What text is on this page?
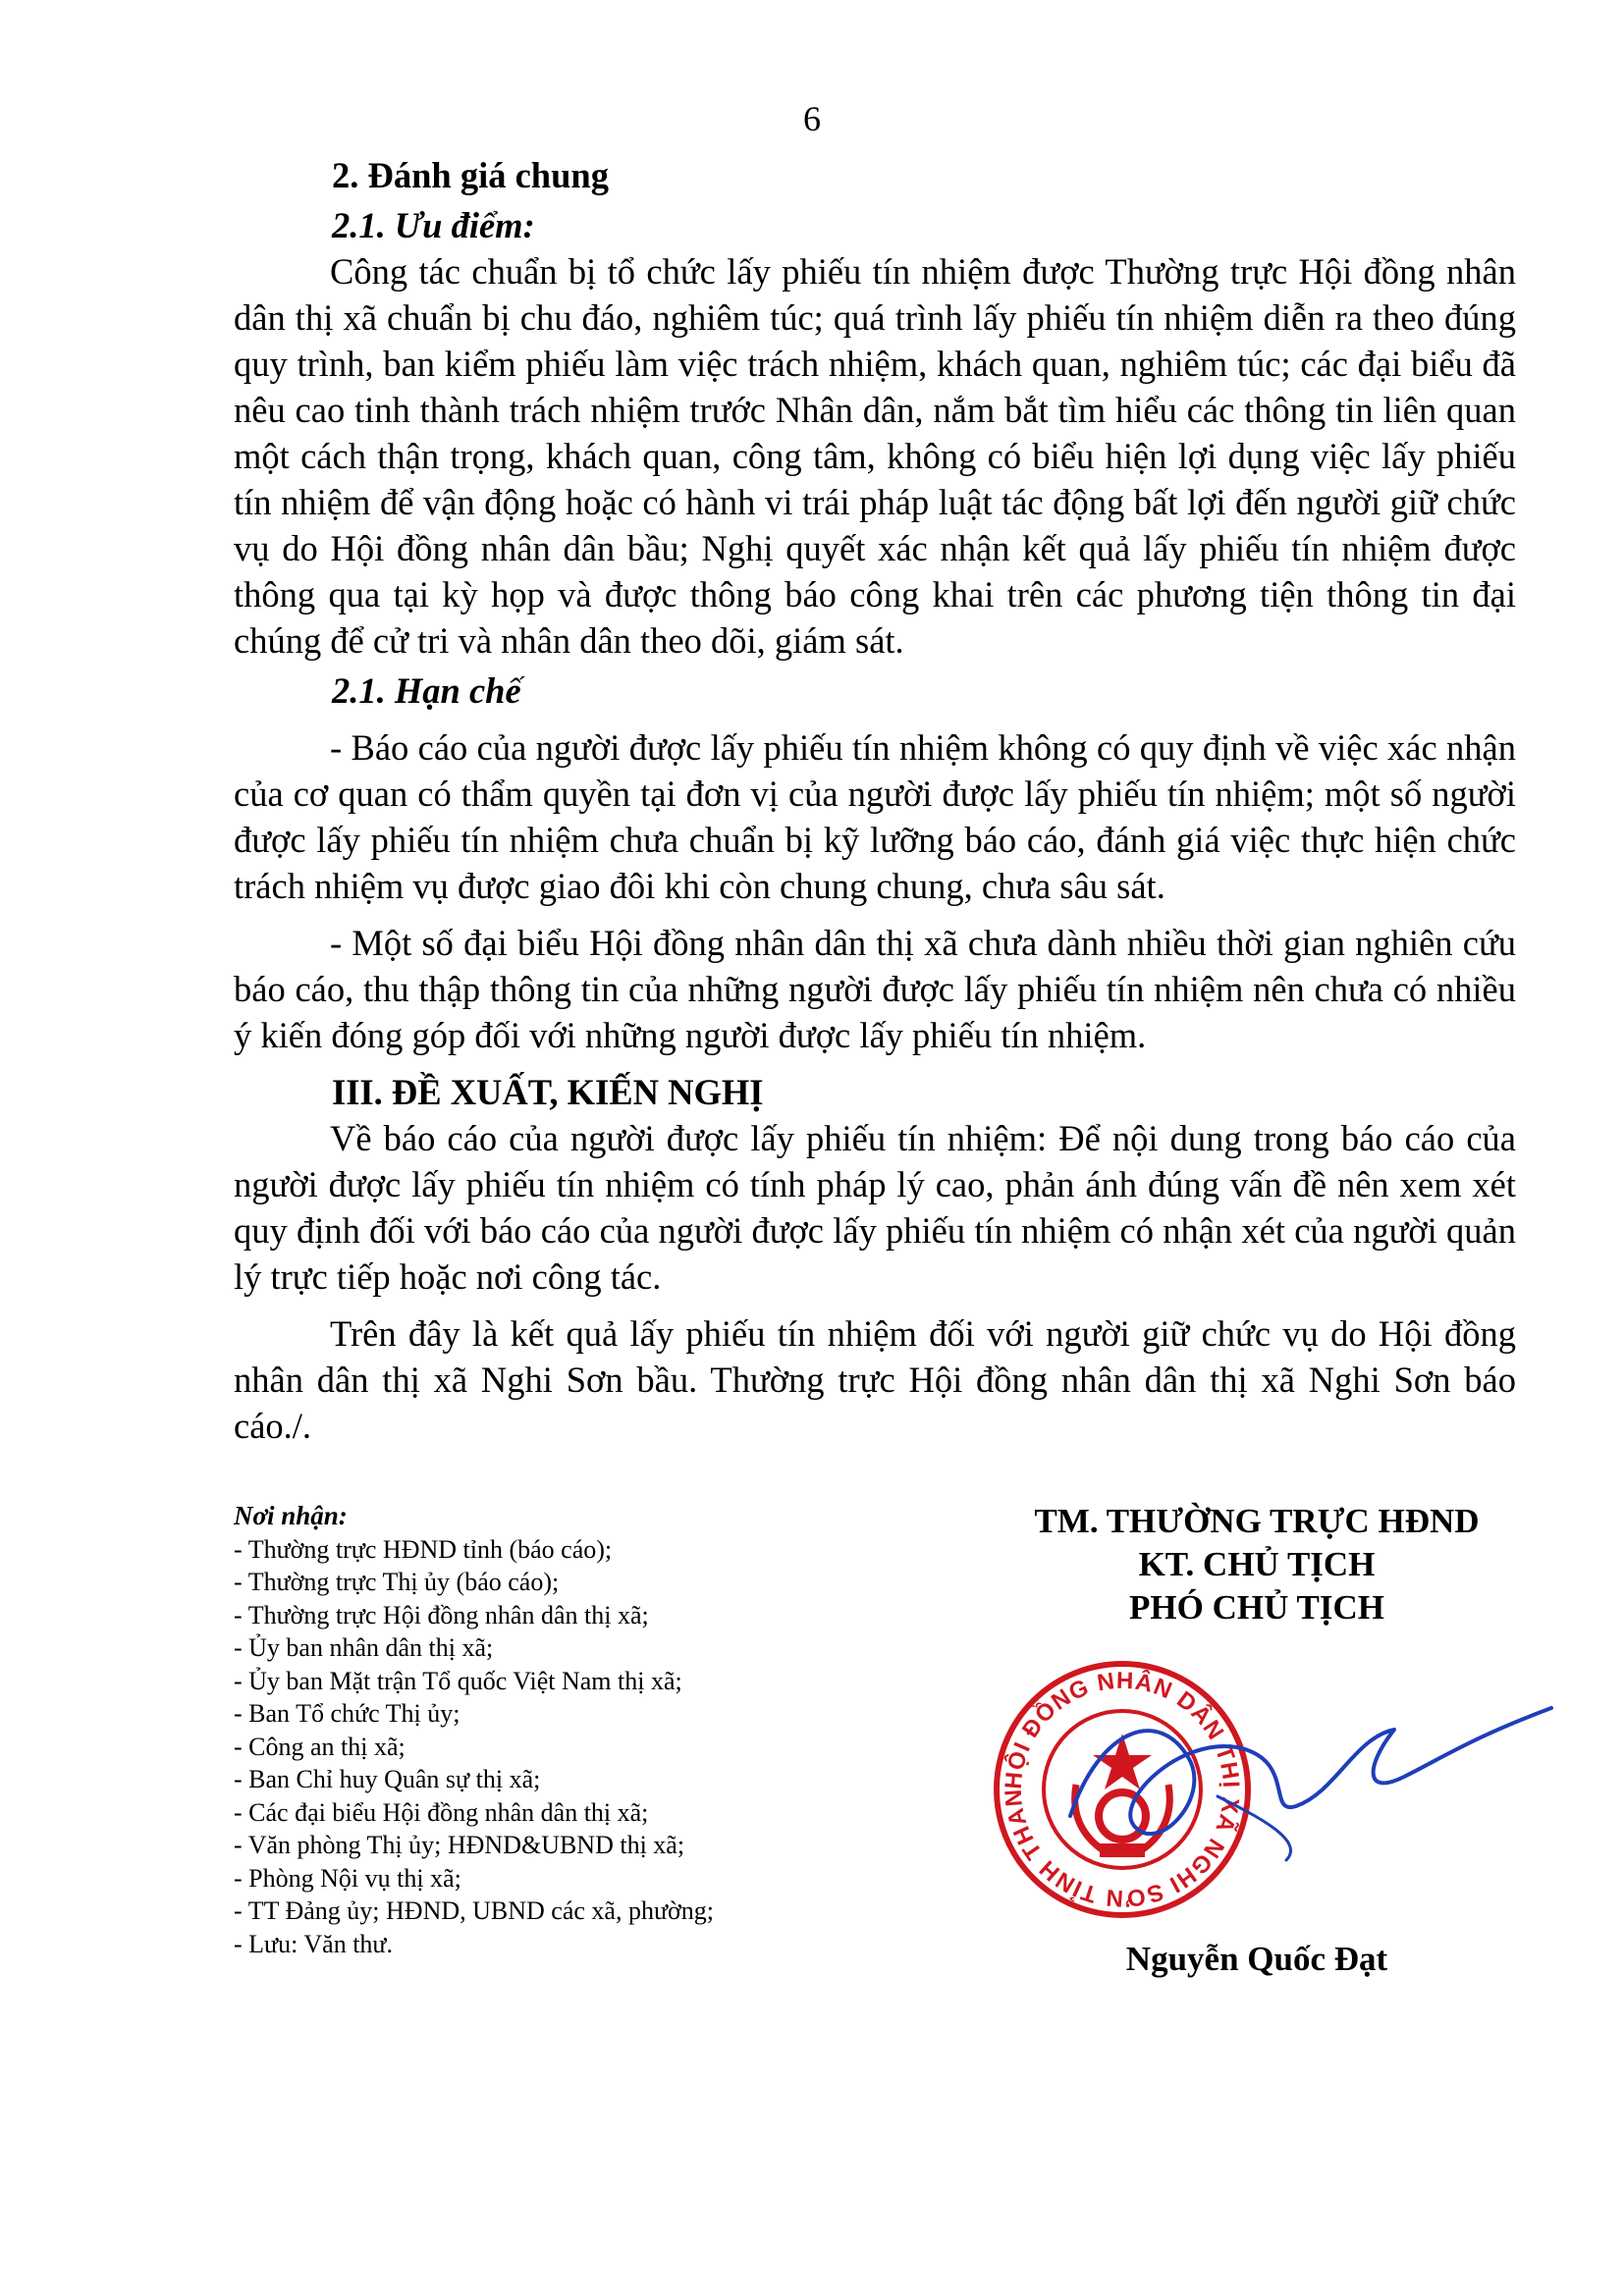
6

2. Đánh giá chung

2.1. Ưu điểm:

Công tác chuẩn bị tổ chức lấy phiếu tín nhiệm được Thường trực Hội đồng nhân dân thị xã chuẩn bị chu đáo, nghiêm túc; quá trình lấy phiếu tín nhiệm diễn ra theo đúng quy trình, ban kiểm phiếu làm việc trách nhiệm, khách quan, nghiêm túc; các đại biểu đã nêu cao tinh thành trách nhiệm trước Nhân dân, nắm bắt tìm hiểu các thông tin liên quan một cách thận trọng, khách quan, công tâm, không có biểu hiện lợi dụng việc lấy phiếu tín nhiệm để vận động hoặc có hành vi trái pháp luật tác động bất lợi đến người giữ chức vụ do Hội đồng nhân dân bầu; Nghị quyết xác nhận kết quả lấy phiếu tín nhiệm được thông qua tại kỳ họp và được thông báo công khai trên các phương tiện thông tin đại chúng để cử tri và nhân dân theo dõi, giám sát.

2.1. Hạn chế

- Báo cáo của người được lấy phiếu tín nhiệm không có quy định về việc xác nhận của cơ quan có thẩm quyền tại đơn vị của người được lấy phiếu tín nhiệm; một số người được lấy phiếu tín nhiệm chưa chuẩn bị kỹ lưỡng báo cáo, đánh giá việc thực hiện chức trách nhiệm vụ được giao đôi khi còn chung chung, chưa sâu sát.

- Một số đại biểu Hội đồng nhân dân thị xã chưa dành nhiều thời gian nghiên cứu báo cáo, thu thập thông tin của những người được lấy phiếu tín nhiệm nên chưa có nhiều ý kiến đóng góp đối với những người được lấy phiếu tín nhiệm.

III. ĐỀ XUẤT, KIẾN NGHỊ

Về báo cáo của người được lấy phiếu tín nhiệm: Để nội dung trong báo cáo của người được lấy phiếu tín nhiệm có tính pháp lý cao, phản ánh đúng vấn đề nên xem xét quy định đối với báo cáo của người được lấy phiếu tín nhiệm có nhận xét của người quản lý trực tiếp hoặc nơi công tác.

Trên đây là kết quả lấy phiếu tín nhiệm đối với người giữ chức vụ do Hội đồng nhân dân thị xã Nghi Sơn bầu. Thường trực Hội đồng nhân dân thị xã Nghi Sơn báo cáo./.

Nơi nhận:
- Thường trực HĐND tỉnh (báo cáo);
- Thường trực Thị ủy (báo cáo);
- Thường trực Hội đồng nhân dân thị xã;
- Ủy ban nhân dân thị xã;
- Ủy ban Mặt trận Tổ quốc Việt Nam thị xã;
- Ban Tổ chức Thị ủy;
- Công an thị xã;
- Ban Chỉ huy Quân sự thị xã;
- Các đại biểu Hội đồng nhân dân thị xã;
- Văn phòng Thị ủy; HĐND&UBND thị xã;
- Phòng Nội vụ thị xã;
- TT Đảng ủy; HĐND, UBND các xã, phường;
- Lưu: Văn thư.
TM. THƯỜNG TRỰC HĐND
KT. CHỦ TỊCH
PHÓ CHỦ TỊCH
Nguyễn Quốc Đạt
HỘI ĐỒNG NHÂN DÂN THỊ XÃ NGHI SƠN TỈNH THAN
